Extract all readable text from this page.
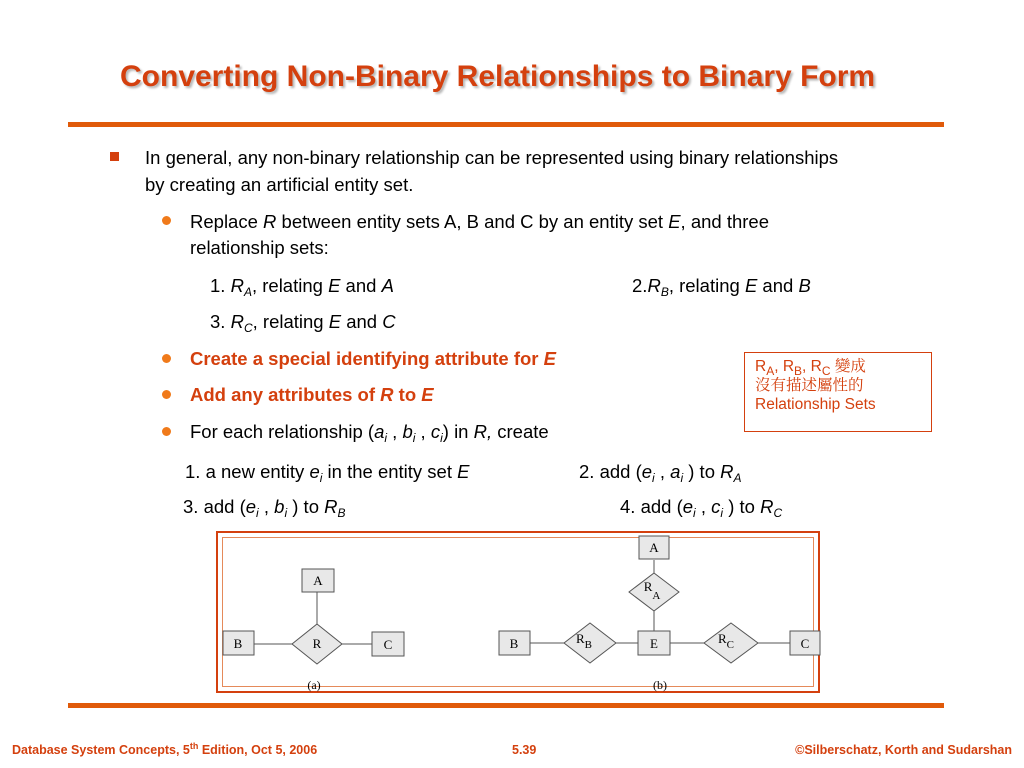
Converting Non-Binary Relationships to Binary Form
In general, any non-binary relationship can be represented using binary relationships
by creating an artificial entity set.
Replace R between entity sets A, B and C by an entity set E, and three
relationship sets:
1. $R_A$, relating E and A	$2.R_B$, relating E and B
3. $R_C$, relating E and C
Create a special identifying attribute for E
Add any attributes of R to E
For each relationship ($a_i$ , $b_i$ , $c_i$) in R, create
1. a new entity $e_i$ in the entity set E	2. add ($e_i$ , $a_i$ ) to $R_A$
3. add ($e_i$ , $b_i$ ) to $R_B$	4. add ($e_i$ , $c_i$ ) to $R_C$
$R_A$, $R_B$, $R_C$ 變成
沒有描述屬性的
Relationship Sets
A
B	R	C
(a)
A
$R_A$
B	$R_B$	E	$R_C$	C
(b)
Database System Concepts, 5th Edition, Oct 5, 2006	5.39	©Silberschatz, Korth and Sudarshan
